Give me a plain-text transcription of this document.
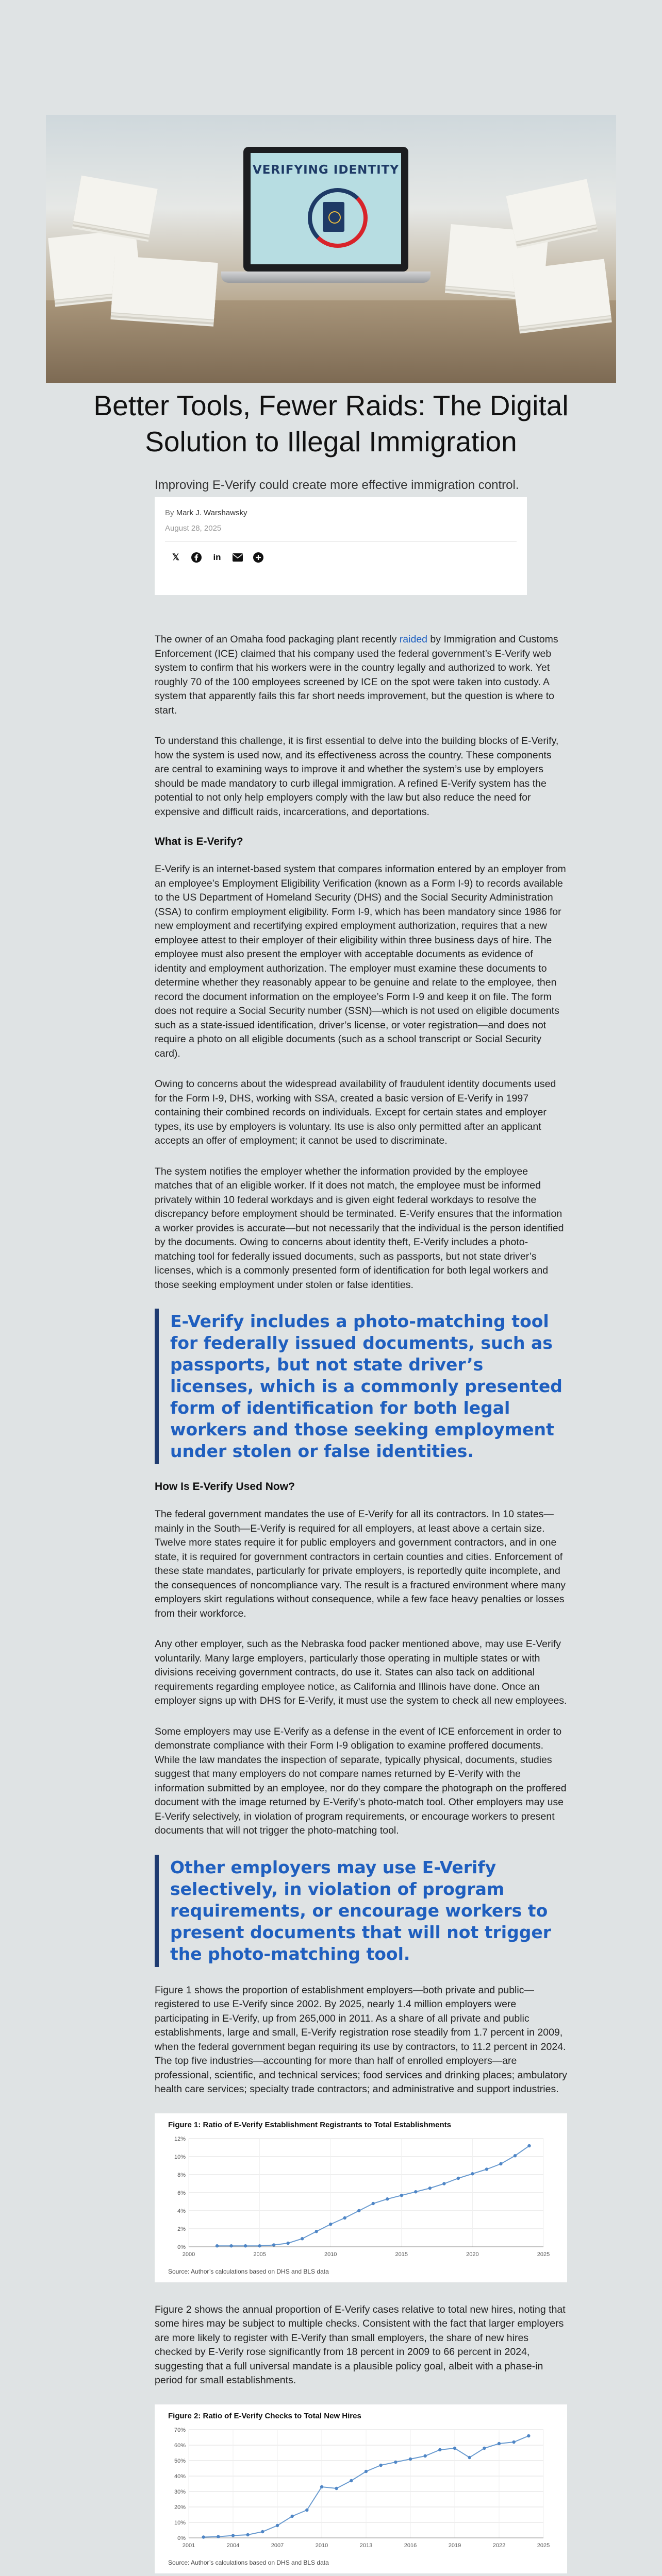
VERIFYING IDENTITY
Better Tools, Fewer Raids: The Digital Solution to Illegal Immigration

Improving E-Verify could create more effective immigration control.

By Mark J. Warshawsky
August 28, 2025
𝕏	in

The owner of an Omaha food packaging plant recently raided by Immigration and Customs Enforcement (ICE) claimed that his company used the federal government’s E-Verify web system to confirm that his workers were in the country legally and authorized to work. Yet roughly 70 of the 100 employees screened by ICE on the spot were taken into custody. A system that apparently fails this far short needs improvement, but the question is where to start.

To understand this challenge, it is first essential to delve into the building blocks of E-Verify, how the system is used now, and its effectiveness across the country. These components are central to examining ways to improve it and whether the system’s use by employers should be made mandatory to curb illegal immigration. A refined E-Verify system has the potential to not only help employers comply with the law but also reduce the need for expensive and difficult raids, incarcerations, and deportations.

What is E-Verify?

E-Verify is an internet-based system that compares information entered by an employer from an employee’s Employment Eligibility Verification (known as a Form I-9) to records available to the US Department of Homeland Security (DHS) and the Social Security Administration (SSA) to confirm employment eligibility. Form I-9, which has been mandatory since 1986 for new employment and recertifying expired employment authorization, requires that a new employee attest to their employer of their eligibility within three business days of hire. The employee must also present the employer with acceptable documents as evidence of identity and employment authorization. The employer must examine these documents to determine whether they reasonably appear to be genuine and relate to the employee, then record the document information on the employee’s Form I-9 and keep it on file. The form does not require a Social Security number (SSN)—which is not used on eligible documents such as a state-issued identification, driver’s license, or voter registration—and does not require a photo on all eligible documents (such as a school transcript or Social Security card).

Owing to concerns about the widespread availability of fraudulent identity documents used for the Form I-9, DHS, working with SSA, created a basic version of E-Verify in 1997 containing their combined records on individuals. Except for certain states and employer types, its use by employers is voluntary. Its use is also only permitted after an applicant accepts an offer of employment; it cannot be used to discriminate.

The system notifies the employer whether the information provided by the employee matches that of an eligible worker. If it does not match, the employee must be informed privately within 10 federal workdays and is given eight federal workdays to resolve the discrepancy before employment should be terminated. E-Verify ensures that the information a worker provides is accurate—but not necessarily that the individual is the person identified by the documents. Owing to concerns about identity theft, E-Verify includes a photo-matching tool for federally issued documents, such as passports, but not state driver’s licenses, which is a commonly presented form of identification for both legal workers and those seeking employment under stolen or false identities.

E-Verify includes a photo-matching tool for federally issued documents, such as passports, but not state driver’s licenses, which is a commonly presented form of identification for both legal workers and those seeking employment under stolen or false identities.
How Is E-Verify Used Now?

The federal government mandates the use of E-Verify for all its contractors. In 10 states—mainly in the South—E-Verify is required for all employers, at least above a certain size. Twelve more states require it for public employers and government contractors, and in one state, it is required for government contractors in certain counties and cities. Enforcement of these state mandates, particularly for private employers, is reportedly quite incomplete, and the consequences of noncompliance vary. The result is a fractured environment where many employers skirt regulations without consequence, while a few face heavy penalties or losses from their workforce.

Any other employer, such as the Nebraska food packer mentioned above, may use E-Verify voluntarily. Many large employers, particularly those operating in multiple states or with divisions receiving government contracts, do use it. States can also tack on additional requirements regarding employee notice, as California and Illinois have done. Once an employer signs up with DHS for E-Verify, it must use the system to check all new employees.

Some employers may use E-Verify as a defense in the event of ICE enforcement in order to demonstrate compliance with their Form I-9 obligation to examine proffered documents. While the law mandates the inspection of separate, typically physical, documents, studies suggest that many employers do not compare names returned by E-Verify with the information submitted by an employee, nor do they compare the photograph on the proffered document with the image returned by E-Verify’s photo-match tool. Other employers may use E-Verify selectively, in violation of program requirements, or encourage workers to present documents that will not trigger the photo-matching tool.

Other employers may use E-Verify selectively, in violation of program requirements, or encourage workers to present documents that will not trigger the photo-matching tool.

Figure 1 shows the proportion of establishment employers—both private and public—registered to use E-Verify since 2002. By 2025, nearly 1.4 million employers were participating in E-Verify, up from 265,000 in 2011. As a share of all private and public establishments, large and small, E-Verify registration rose steadily from 1.7 percent in 2009, when the federal government began requiring its use by contractors, to 11.2 percent in 2024. The top five industries—accounting for more than half of enrolled employers—are professional, scientific, and technical services; food services and drinking places; ambulatory health care services; specialty trade contractors; and administrative and support industries.

Figure 1: Ratio of E-Verify Establishment Registrants to Total Establishments
0%
2%
4%
6%
8%
10%
12%
2000	2005	2010	2015	2020	2025
Source: Author’s calculations based on DHS and BLS data

Figure 2 shows the annual proportion of E-Verify cases relative to total new hires, noting that some hires may be subject to multiple checks. Consistent with the fact that larger employers are more likely to register with E-Verify than small employers, the share of new hires checked by E-Verify rose significantly from 18 percent in 2009 to 66 percent in 2024, suggesting that a full universal mandate is a plausible policy goal, albeit with a phase-in period for small establishments.

Figure 2: Ratio of E-Verify Checks to Total New Hires
0%
10%
20%
30%
40%
50%
60%
70%
2001	2004	2007	2010	2013	2016	2019	2022	2025
Source: Author’s calculations based on DHS and BLS data
